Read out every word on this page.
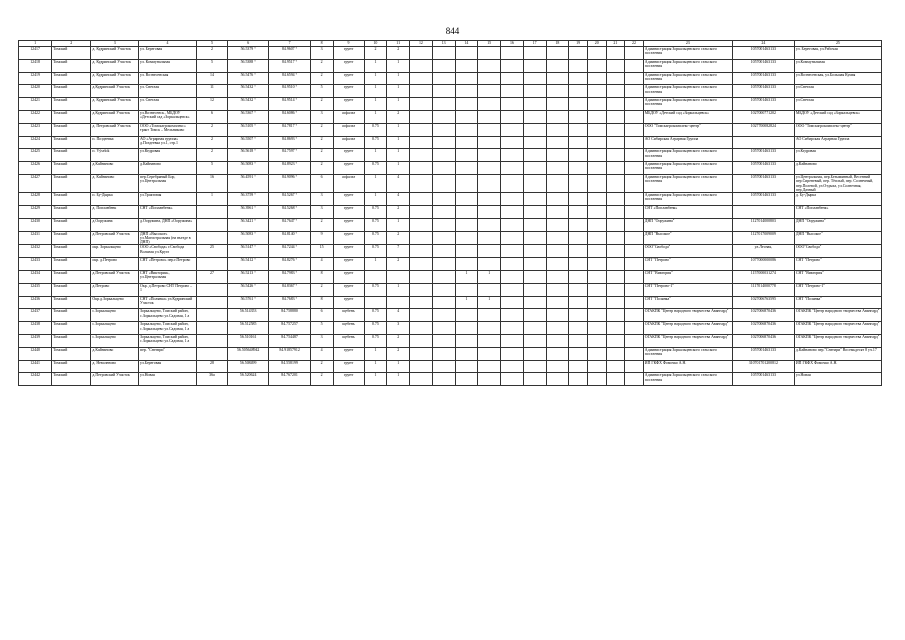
844
1	2	3	4	5	6	7	8	9	10	11	12	13	14	15	16	17	18	19	20	21	22	23	24	25
12417	Томский	д. Кудринский Участок	ул. Береговая	2	56.5379 °	84.9607 °	3	грунт	2	2												Администрация Зоркальцевского сельского поселения	1057001463133	ул. Береговая, ул.Рабочая
12418	Томский	д. Кудринский Участок	ул. Коммунальная	5	56.5388 °	84.9517 °	2	грунт	1	1												Администрация Зоркальцевского сельского поселения	1057001463133	ул.Коммунальная
12419	Томский	д. Кудринский Участок	ул. Вознесенская	14	56.5476 °	84.6594 °	2	грунт	1	1												Администрация Зоркальцевского сельского поселения	1057001463133	ул.Вознесенская, ул.Большая Кумая
12420	Томский	д.Кудринский Участок	ул. Светлая	11	56.5432 °	84.9510 °	5	грунт	1	1												Администрация Зоркальцевского сельского поселения	1057001463133	ул.Светлая
12421	Томский	д. Кудринский Участок	ул. Светлая	12	56.5432 °	84.9514 °	2	грунт	1	1												Администрация Зоркальцевского сельского поселения	1057001463133	ул.Светлая
12422	Томский	д.Кудринский Участок	ул.Вознесенск., МБДОУ «Детский сад «Зоркальцевск»	6	56.5367 °	84.6086 °	3	асфальт	1	2												МБДОУ «Детский сад «Зоркальцевск»	1027000771202	МБДОУ «Детский сад «Зоркальцевск»
12423	Томский	д. Петровский Участок	ООО «Томскагрокомплекс» тракт Томск – Мельниково	2	56.5105 °	84.7817 °	2	асфальт	0.75	1												ООО "Томскагрокомплекс-центр"	1027700082824	ООО "Томскагрокомплекс-центр"
12424	Томский	п. Поздеевка	АО «Аграрная группа» д.Поздеевка ул.1, стр.1	2	56.5507 °	84.8693 °	2	асфальт	0.75	1												АО Сибирская Аграрная Группа		АО Сибирская Аграрная Группа
12425	Томский	п. Výselok	ул.Кедровая	2	56.5618 °	84.7597 °	2	грунт	1	1												Администрация Зоркальцевского сельского поселения	1057001463133	ул.Кедровая
12426	Томский	д.Кайнаново	д.Кайнаново	5	56.5083 °	84.8923 °	2	грунт	0.75	1												Администрация Зоркальцевского сельского поселения	1057001463133	д.Кайнаново
12427	Томский	д. Кайнаново	пер.Серебряный Бор, ул.Центральная	16	56.4591 °	84.9096 °	6	асфальт	1	4												Администрация Зоркальцевского сельского поселения	1057001463133	ул.Центральная, пер.Безымянный, Весенний пер.Сиреневый, пер. Тёплый, пер. Солнечный, пер.Полевой, ул.Отдыха, ул.Солнечная, пер.Дачный
12428	Томский	п. Бу-Дырка	ул.Трактовая	1	56.3759 °	84.5267 °	3	грунт	1	4												Администрация Зоркальцевского сельского поселения	1057001463133	д. Бу-Дырка
12429	Томский	д. Поплавбенк	СНТ «Поплавбенк»		56.3961 °	84.5268 °	3	грунт	0.75	2												СНТ «Поплавбенк»		СНТ «Поплавбенк»
12430	Томский	д.Ооружина	д.Ооружина, ДНП «Ооружина»		56.3421 °	84.7647 °	2	грунт	0.75	1												ДНП "Ооружина"	1127014000803	ДНП "Ооружина"
12431	Томский	д.Петровский Участок	ДНП «Высокое» ул.Магистральная (на въезде в ДНП)		56.5083 °	84.8140 °	9	грунт	0.75	2												ДНП "Высокое"	1127017009009	ДНП "Высокое"
12432	Томский	окр. Зоркальцево	ООО «Свобода» г.Свобода Вольная ул.Кругл	25	56.5147 °	84.7244 °	15	грунт	0.75	7												ООО"Свобода"	ул.Лесная,	ООО"Свобода"
12433	Томский	окр. д.Петрово	СНТ «Петрово» пер.г.Петрово		56.5412 °	84.8276 °	4	грунт	1	2												СНТ "Петрово"	1077000000086	СНТ "Петрово"
12434	Томский	д.Петровский Участок	СНТ «Виктория», ул.Центральная	27	56.5213 °	84.7983 °	8	грунт					1	1								СНТ "Виктория"	1157000031274	СНТ "Виктория"
12435	Томский	д.Петрово	Окр. д.Петрово СНТ Петрово – 1		56.5426 °	84.8367 °	2	грунт	0.75	1												СНТ "Петрово-1"	1117014000778	СНТ "Петрово-1"
12436	Томский	Окр.д.Зоркальцево	СНТ «Полянка» ул.Кудринский Участок		56.5761 °	84.7683 °	8	грунт					1	1								СНТ "Полянка"	1027006763595	СНТ "Полянка"
12437	Томский	с.Зоркальцево	Зоркальцево, Томский район, с.Зоркальцево ул.Садовая, 1 а		56.514353	84.758880	6	щебень	0.75	4												ОГАКПК "Центр народного творчества Авангард"	1027006870436	ОГАКПК "Центр народного творчества Авангард"
12438	Томский	с.Зоркальцево	Зоркальцево, Томский район, с.Зоркальцево ул.Садовая, 1 а		56.512585	84.757257	5	щебень	0.75	3												ОГАКПК "Центр народного творчества Авангард"	1027006870436	ОГАКПК "Центр народного творчества Авангард"
12439	Томский	с.Зоркальцево	Зоркальцево, Томский район, с.Зоркальцево ул.Садовая, 1 а		56.510161	84.754487	3	щебень	0.75	2												ОГАКПК "Центр народного творчества Авангард"	1027006870436	ОГАКПК "Центр народного творчества Авангард"
12440	Томский	д.Кайнаново	пер. "Снегири"		56.505648942	84.91857912	4	грунт	1	2												Администрация Зоркальцевского сельского поселения	1057001463133	д.Кайнаново пер."Снегири" Восемьдесят 8 уч.17
12441	Томский	д. Неволеново	ул.Береговая	28	56.508499	84.558199	2	грунт	1	1												ИП ГКФХ Фомочко А.Н.	310701701200812	ИП ГКФХ Фомочко А.Н.
12442	Томский	д.Петровский Участок	ул.Новая	36а	56.520624	84.767201	2	грунт	1	1												Администрация Зоркальцевского сельского поселения	1057001463133	ул.Новая
